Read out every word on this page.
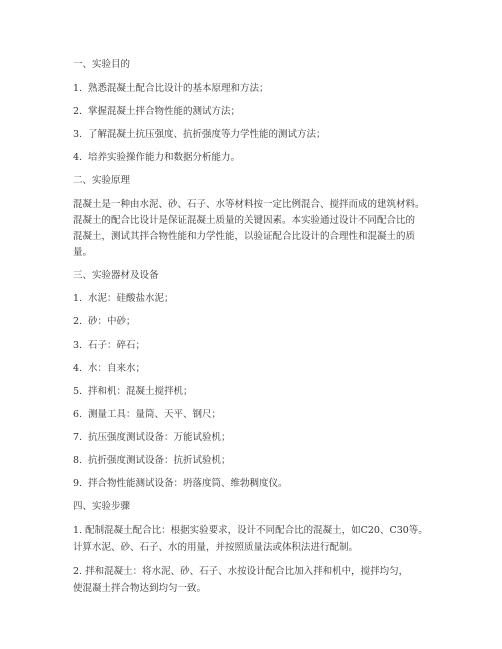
一、实验目的
1. 熟悉混凝土配合比设计的基本原理和方法；
2. 掌握混凝土拌合物性能的测试方法；
3. 了解混凝土抗压强度、抗折强度等力学性能的测试方法；
4. 培养实验操作能力和数据分析能力。
二、实验原理
混凝土是一种由水泥、砂、石子、水等材料按一定比例混合、搅拌而成的建筑材料。
混凝土的配合比设计是保证混凝土质量的关键因素。本实验通过设计不同配合比的
混凝土，测试其拌合物性能和力学性能，以验证配合比设计的合理性和混凝土的质
量。
三、实验器材及设备
1. 水泥：硅酸盐水泥；
2. 砂：中砂；
3. 石子：碎石；
4. 水：自来水；
5. 拌和机：混凝土搅拌机；
6. 测量工具：量筒、天平、钢尺；
7. 抗压强度测试设备：万能试验机；
8. 抗折强度测试设备：抗折试验机；
9. 拌合物性能测试设备：坍落度筒、维勃稠度仪。
四、实验步骤
1. 配制混凝土配合比：根据实验要求，设计不同配合比的混凝土，如C20、C30等。
计算水泥、砂、石子、水的用量，并按照质量法或体积法进行配制。
2. 拌和混凝土：将水泥、砂、石子、水按设计配合比加入拌和机中，搅拌均匀，
使混凝土拌合物达到均匀一致。
